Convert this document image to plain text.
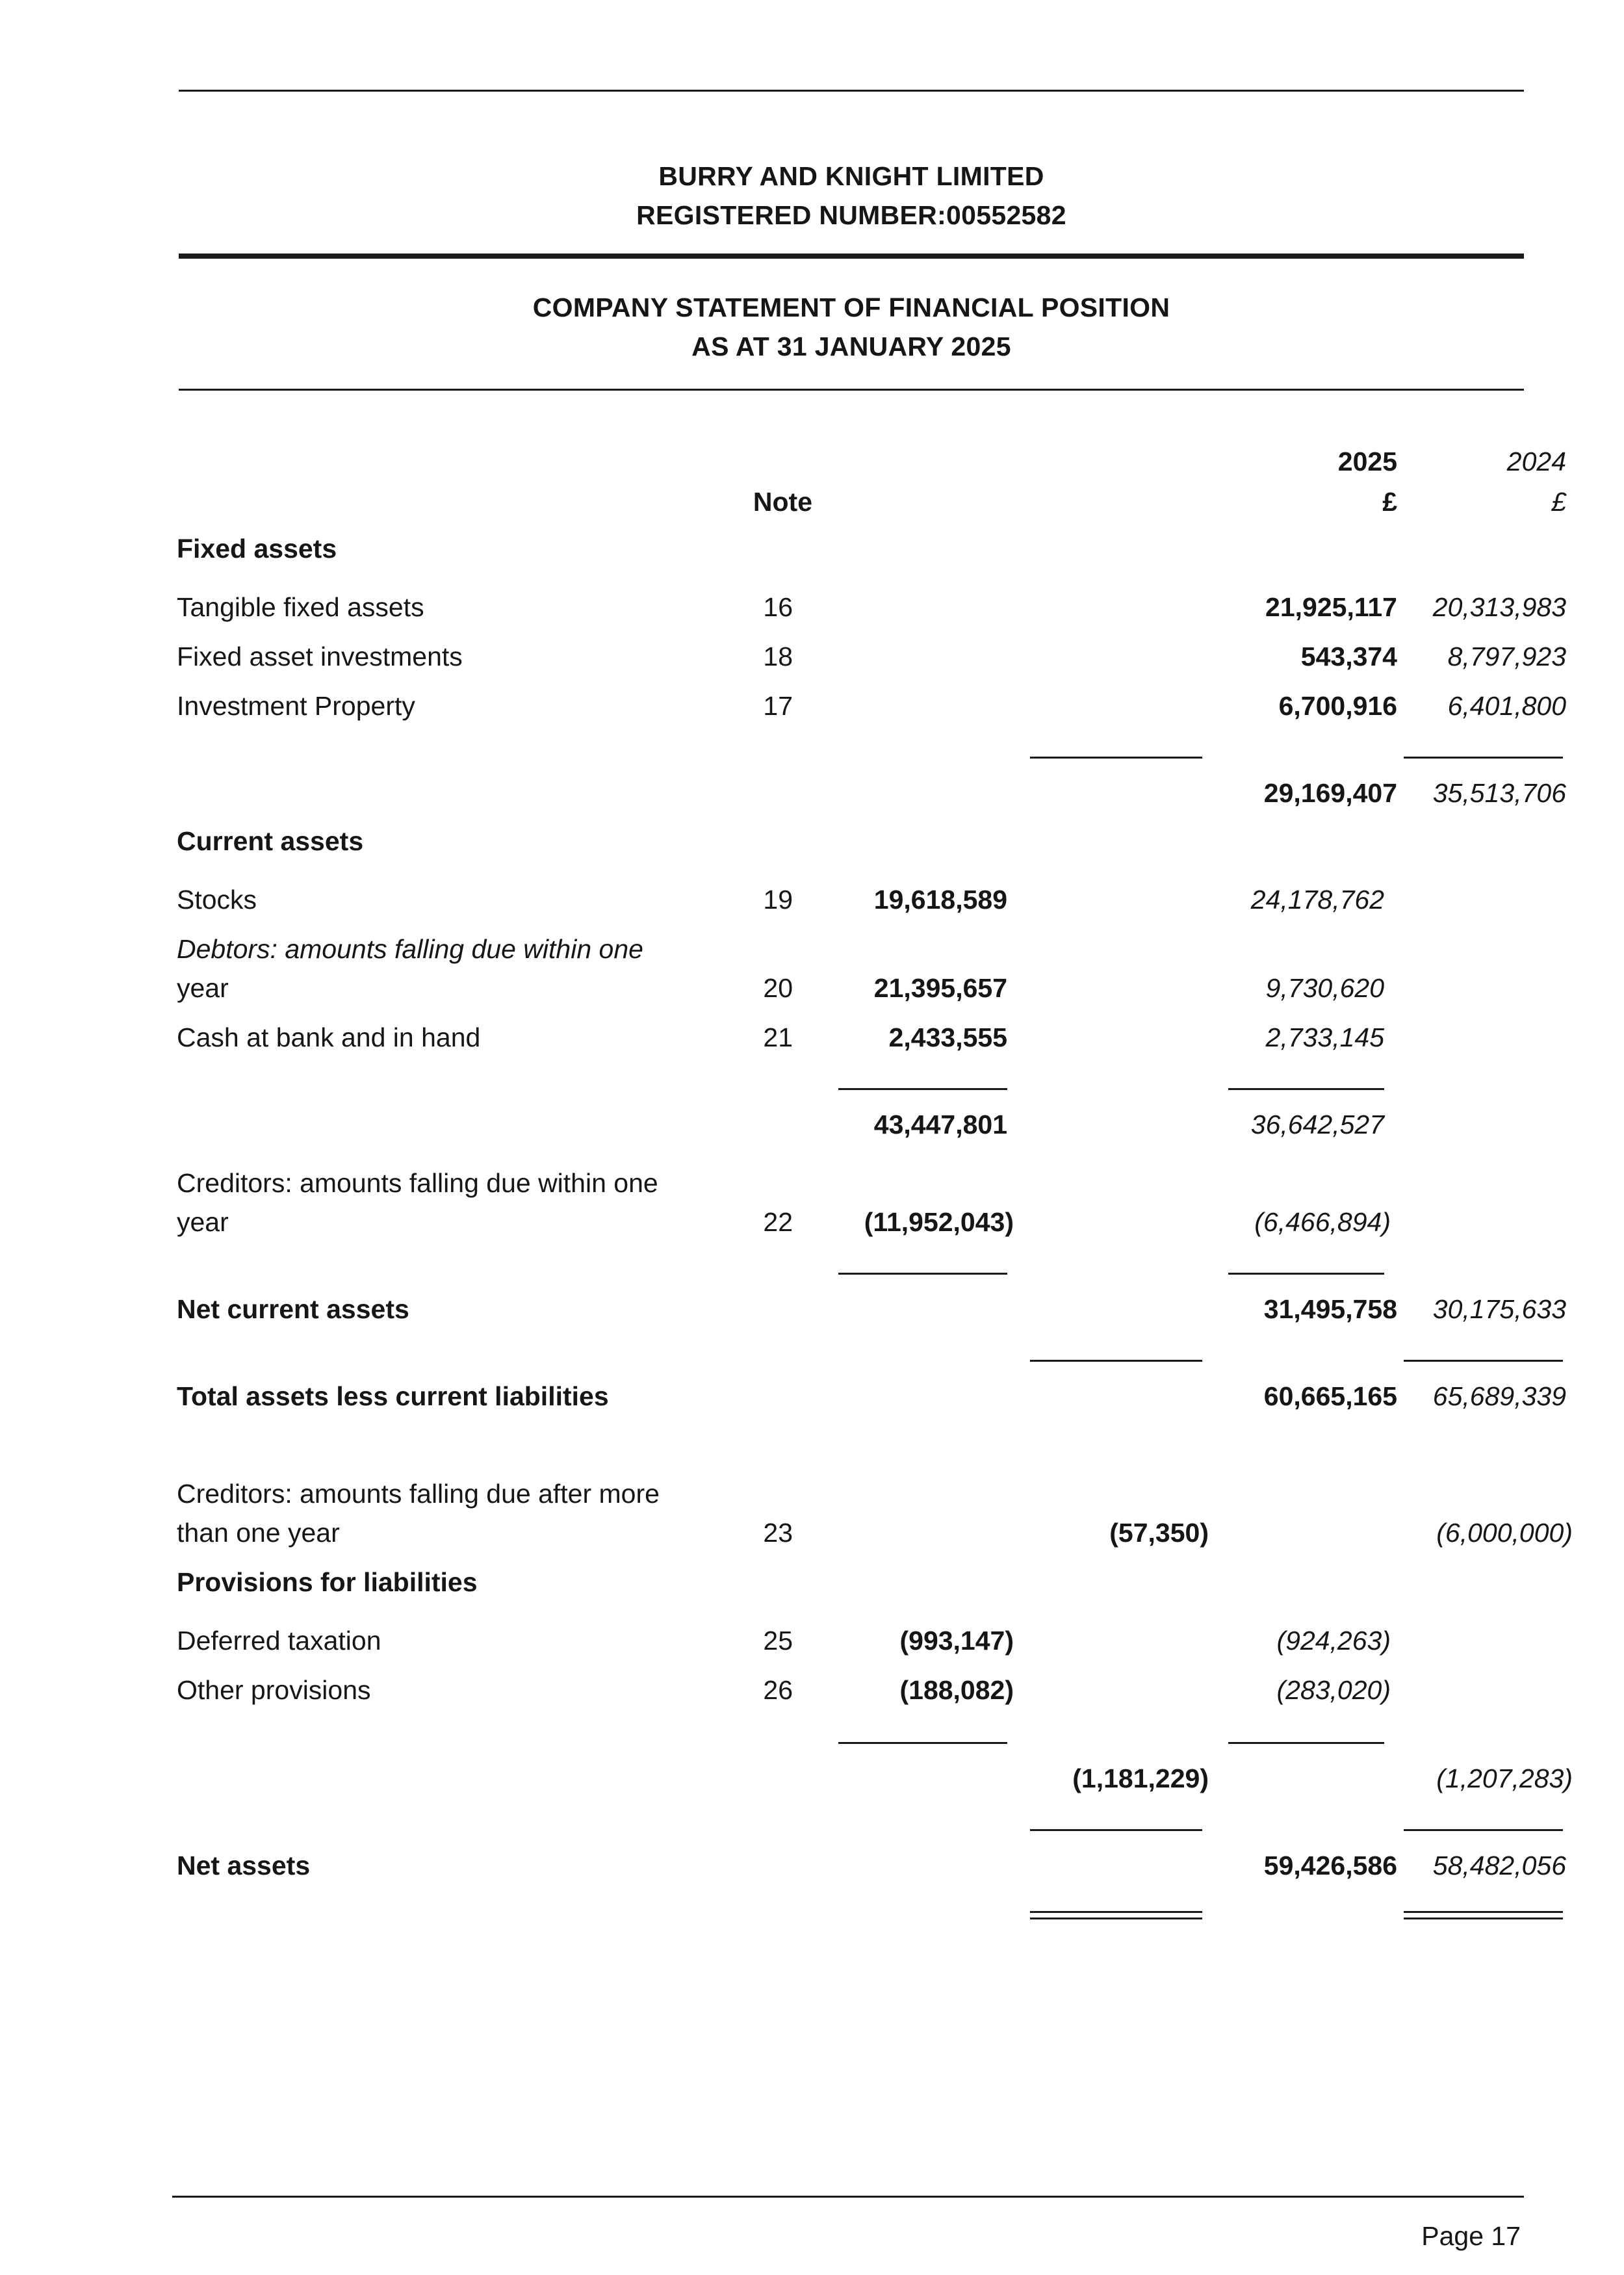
BURRY AND KNIGHT LIMITED
REGISTERED NUMBER:00552582
COMPANY STATEMENT OF FINANCIAL POSITION
AS AT 31 JANUARY 2025
2025	2024
Note	£	£
Fixed assets
Tangible fixed assets	16	21,925,117	20,313,983
Fixed asset investments	18	543,374	8,797,923
Investment Property	17	6,700,916	6,401,800
29,169,407	35,513,706
Current assets
Stocks	19	19,618,589	24,178,762
Debtors: amounts falling due within one
year	20	21,395,657	9,730,620
Cash at bank and in hand	21	2,433,555	2,733,145
43,447,801	36,642,527
Creditors: amounts falling due within one
year	22	(11,952,043)	(6,466,894)
Net current assets	31,495,758	30,175,633
Total assets less current liabilities	60,665,165	65,689,339
Creditors: amounts falling due after more
than one year	23	(57,350)	(6,000,000)
Provisions for liabilities
Deferred taxation	25	(993,147)	(924,263)
Other provisions	26	(188,082)	(283,020)
(1,181,229)	(1,207,283)
Net assets	59,426,586	58,482,056
Page 17
